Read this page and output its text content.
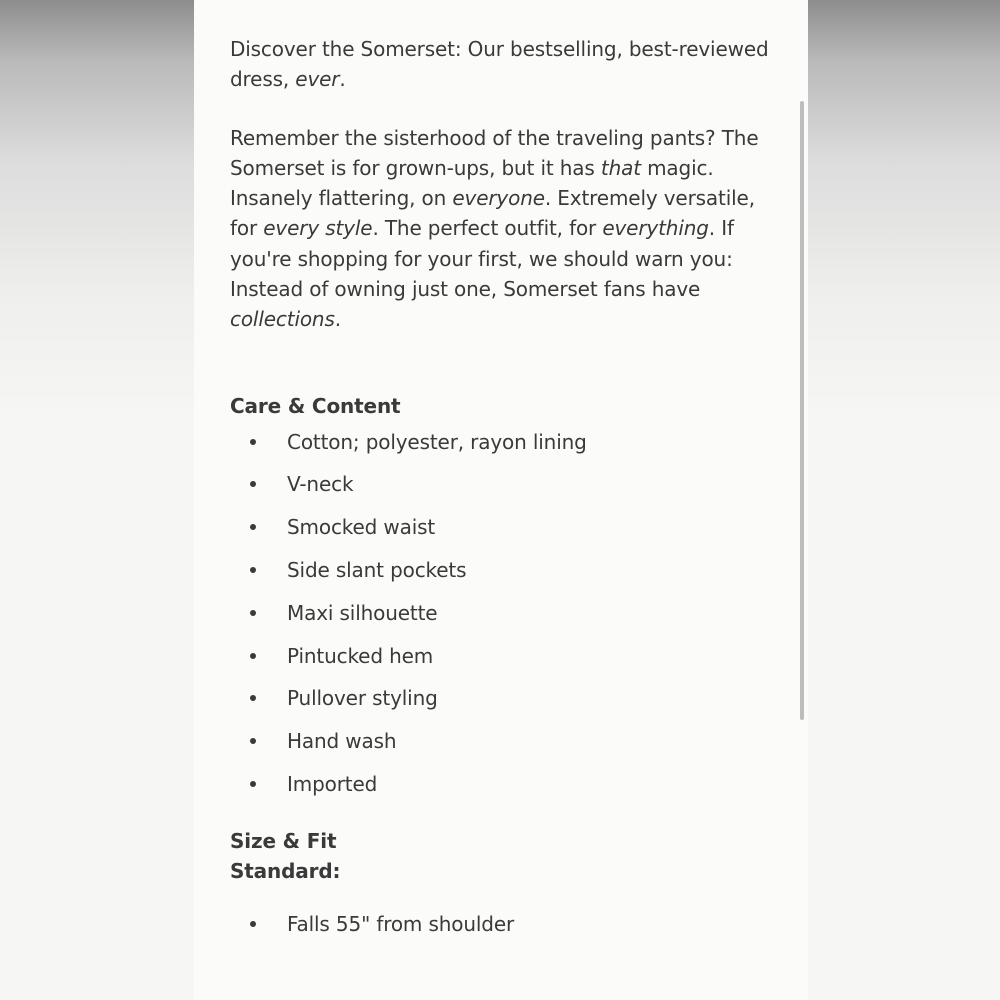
Discover the Somerset: Our bestselling, best-reviewed dress, ever.

Remember the sisterhood of the traveling pants? The Somerset is for grown-ups, but it has that magic. Insanely flattering, on everyone. Extremely versatile, for every style. The perfect outfit, for everything. If you're shopping for your first, we should warn you: Instead of owning just one, Somerset fans have collections.

Care & Content
Cotton; polyester, rayon lining
V-neck
Smocked waist
Side slant pockets
Maxi silhouette
Pintucked hem
Pullover styling
Hand wash
Imported
Size & Fit

Standard:

Falls 55" from shoulder
